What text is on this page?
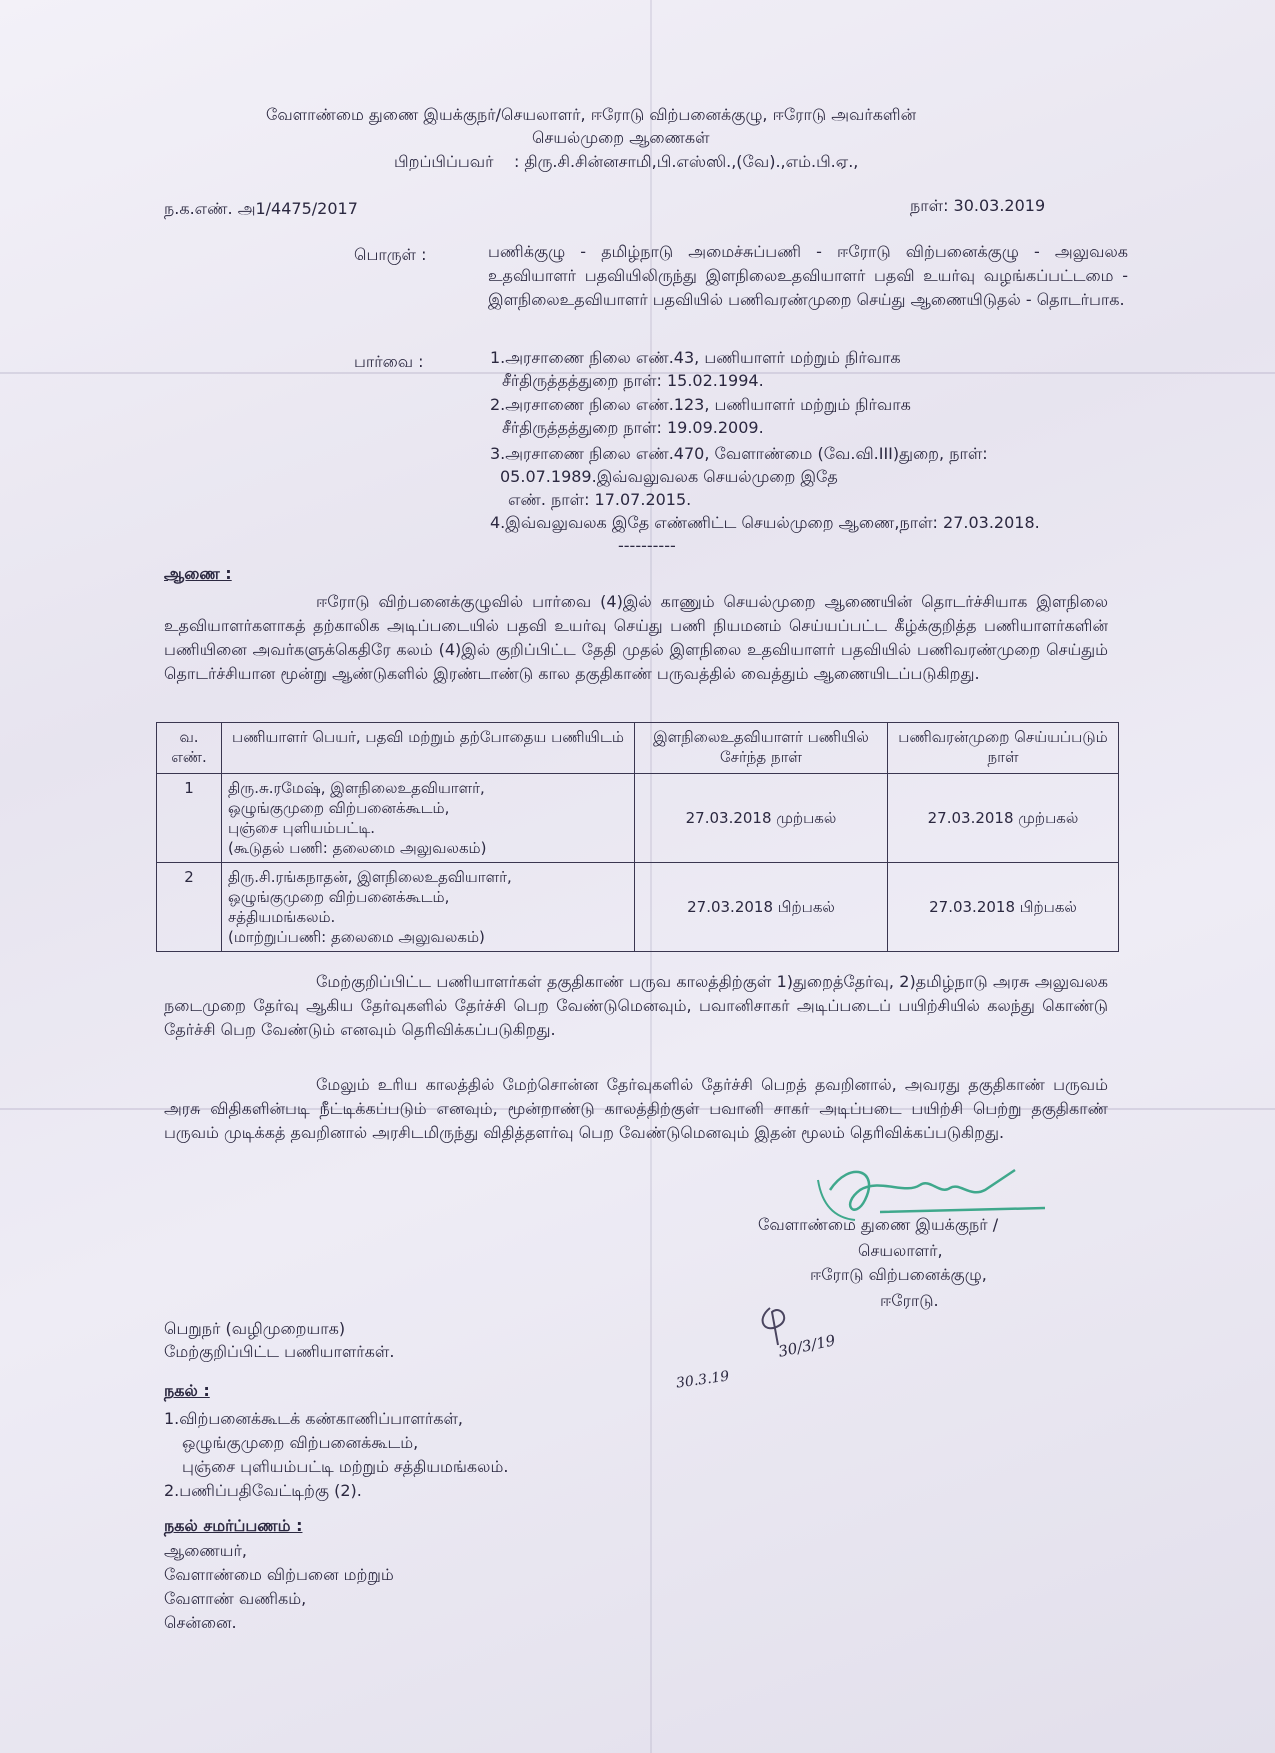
வேளாண்மை துணை இயக்குநர்/செயலாளர், ஈரோடு விற்பனைக்குழு, ஈரோடு அவர்களின்
செயல்முறை ஆணைகள்
பிறப்பிப்பவர் : திரு.சி.சின்னசாமி,பி.எஸ்ஸி.,(வே).,எம்.பி.ஏ.,
ந.க.எண். அ1/4475/2017	நாள்: 30.03.2019
பொருள் :	பணிக்குழு - தமிழ்நாடு அமைச்சுப்பணி - ஈரோடு விற்பனைக்குழு - அலுவலக உதவியாளர் பதவியிலிருந்து இளநிலைஉதவியாளர் பதவி உயர்வு வழங்கப்பட்டமை - இளநிலைஉதவியாளர் பதவியில் பணிவரண்முறை செய்து ஆணையிடுதல் - தொடர்பாக.
பார்வை :	1.அரசாணை நிலை எண்.43, பணியாளர் மற்றும் நிர்வாக
சீர்திருத்தத்துறை நாள்: 15.02.1994.
2.அரசாணை நிலை எண்.123, பணியாளர் மற்றும் நிர்வாக
சீர்திருத்தத்துறை நாள்: 19.09.2009.
3.அரசாணை நிலை எண்.470, வேளாண்மை (வே.வி.III)துறை, நாள்:
05.07.1989.இவ்வலுவலக செயல்முறை இதே
எண். நாள்: 17.07.2015.
4.இவ்வலுவலக இதே எண்ணிட்ட செயல்முறை ஆணை,நாள்: 27.03.2018.
----------
ஆணை :
ஈரோடு விற்பனைக்குழுவில் பார்வை (4)இல் காணும் செயல்முறை ஆணையின் தொடர்ச்சியாக இளநிலை உதவியாளர்களாகத் தற்காலிக அடிப்படையில் பதவி உயர்வு செய்து பணி நியமனம் செய்யப்பட்ட கீழ்க்குறித்த பணியாளர்களின் பணியினை அவர்களுக்கெதிரே கலம் (4)இல் குறிப்பிட்ட தேதி முதல் இளநிலை உதவியாளர் பதவியில் பணிவரண்முறை செய்தும் தொடர்ச்சியான மூன்று ஆண்டுகளில் இரண்டாண்டு கால தகுதிகாண் பருவத்தில் வைத்தும் ஆணையிடப்படுகிறது.
வ. எண்.	பணியாளர் பெயர், பதவி மற்றும் தற்போதைய பணியிடம்	இளநிலைஉதவியாளர் பணியில் சேர்ந்த நாள்	பணிவரன்முறை செய்யப்படும் நாள்
1	திரு.சு.ரமேஷ், இளநிலைஉதவியாளர்,
ஒழுங்குமுறை விற்பனைக்கூடம்,
புஞ்சை புளியம்பட்டி.
(கூடுதல் பணி: தலைமை அலுவலகம்)	27.03.2018 முற்பகல்	27.03.2018 முற்பகல்
2	திரு.சி.ரங்கநாதன், இளநிலைஉதவியாளர்,
ஒழுங்குமுறை விற்பனைக்கூடம்,
சத்தியமங்கலம்.
(மாற்றுப்பணி: தலைமை அலுவலகம்)	27.03.2018 பிற்பகல்	27.03.2018 பிற்பகல்
மேற்குறிப்பிட்ட பணியாளர்கள் தகுதிகாண் பருவ காலத்திற்குள் 1)துறைத்தேர்வு, 2)தமிழ்நாடு அரசு அலுவலக நடைமுறை தேர்வு ஆகிய தேர்வுகளில் தேர்ச்சி பெற வேண்டுமெனவும், பவானிசாகர் அடிப்படைப் பயிற்சியில் கலந்து கொண்டு தேர்ச்சி பெற வேண்டும் எனவும் தெரிவிக்கப்படுகிறது.
மேலும் உரிய காலத்தில் மேற்சொன்ன தேர்வுகளில் தேர்ச்சி பெறத் தவறினால், அவரது தகுதிகாண் பருவம் அரசு விதிகளின்படி நீட்டிக்கப்படும் எனவும், மூன்றாண்டு காலத்திற்குள் பவானி சாகர் அடிப்படை பயிற்சி பெற்று தகுதிகாண் பருவம் முடிக்கத் தவறினால் அரசிடமிருந்து விதித்தளர்வு பெற வேண்டுமெனவும் இதன் மூலம் தெரிவிக்கப்படுகிறது.
வேளாண்மை துணை இயக்குநர் /
செயலாளர்,
ஈரோடு விற்பனைக்குழு,
ஈரோடு.
30/3/19
30.3.19
பெறுநர் (வழிமுறையாக)
மேற்குறிப்பிட்ட பணியாளர்கள்.
நகல் :
1.விற்பனைக்கூடக் கண்காணிப்பாளர்கள்,
ஒழுங்குமுறை விற்பனைக்கூடம்,
புஞ்சை புளியம்பட்டி மற்றும் சத்தியமங்கலம்.
2.பணிப்பதிவேட்டிற்கு (2).
நகல் சமர்ப்பணம் :
ஆணையர்,
வேளாண்மை விற்பனை மற்றும்
வேளாண் வணிகம்,
சென்னை.
